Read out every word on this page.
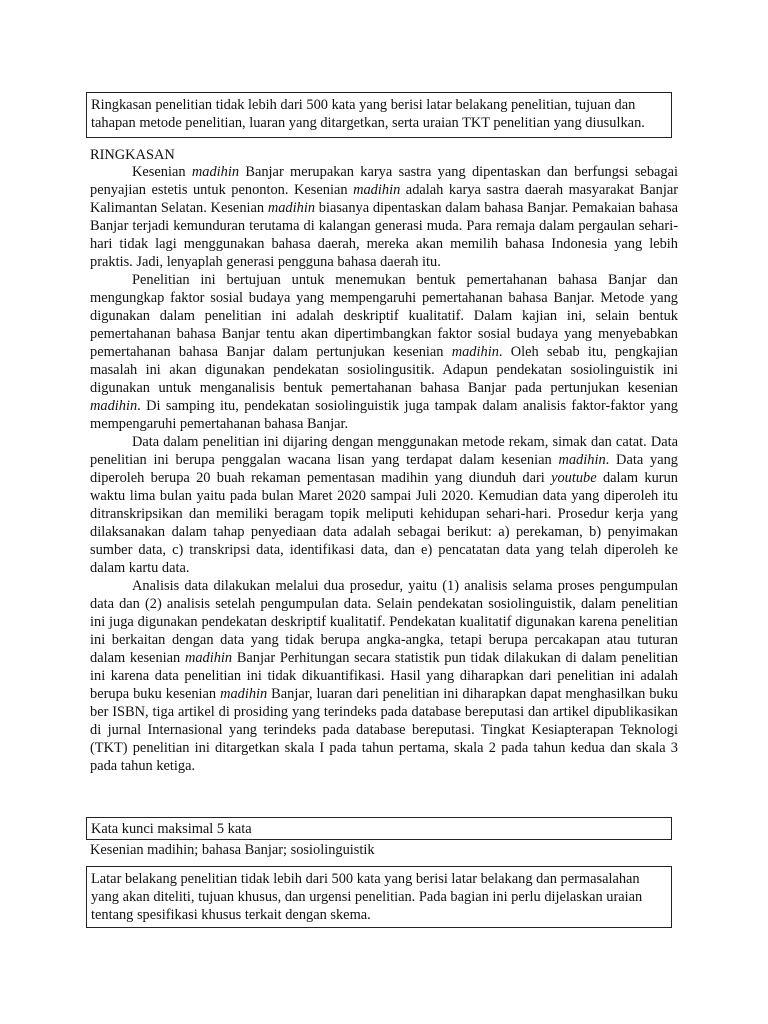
Ringkasan penelitian tidak lebih dari 500 kata yang berisi latar belakang penelitian, tujuan dan tahapan metode penelitian, luaran yang ditargetkan, serta uraian TKT penelitian yang diusulkan.

RINGKASAN

Kesenian madihin Banjar merupakan karya sastra yang dipentaskan dan berfungsi sebagai penyajian estetis untuk penonton. Kesenian madihin adalah karya sastra daerah masyarakat Banjar Kalimantan Selatan. Kesenian madihin biasanya dipentaskan dalam bahasa Banjar. Pemakaian bahasa Banjar terjadi kemunduran terutama di kalangan generasi muda. Para remaja dalam pergaulan sehari-hari tidak lagi menggunakan bahasa daerah, mereka akan memilih bahasa Indonesia yang lebih praktis. Jadi, lenyaplah generasi pengguna bahasa daerah itu.

Penelitian ini bertujuan untuk menemukan bentuk pemertahanan bahasa Banjar dan mengungkap faktor sosial budaya yang mempengaruhi pemertahanan bahasa Banjar. Metode yang digunakan dalam penelitian ini adalah deskriptif kualitatif. Dalam kajian ini, selain bentuk pemertahanan bahasa Banjar tentu akan dipertimbangkan faktor sosial budaya yang menyebabkan pemertahanan bahasa Banjar dalam pertunjukan kesenian madihin. Oleh sebab itu, pengkajian masalah ini akan digunakan pendekatan sosiolingusitik. Adapun pendekatan sosiolinguistik ini digunakan untuk menganalisis bentuk pemertahanan bahasa Banjar pada pertunjukan kesenian madihin. Di samping itu, pendekatan sosiolinguistik juga tampak dalam analisis faktor-faktor yang mempengaruhi pemertahanan bahasa Banjar.

Data dalam penelitian ini dijaring dengan menggunakan metode rekam, simak dan catat. Data penelitian ini berupa penggalan wacana lisan yang terdapat dalam kesenian madihin. Data yang diperoleh berupa 20 buah rekaman pementasan madihin yang diunduh dari youtube dalam kurun waktu lima bulan yaitu pada bulan Maret 2020 sampai Juli 2020. Kemudian data yang diperoleh itu ditranskripsikan dan memiliki beragam topik meliputi kehidupan sehari-hari. Prosedur kerja yang dilaksanakan dalam tahap penyediaan data adalah sebagai berikut: a) perekaman, b) penyimakan sumber data, c) transkripsi data, identifikasi data, dan e) pencatatan data yang telah diperoleh ke dalam kartu data.

Analisis data dilakukan melalui dua prosedur, yaitu (1) analisis selama proses pengumpulan data dan (2) analisis setelah pengumpulan data. Selain pendekatan sosiolinguistik, dalam penelitian ini juga digunakan pendekatan deskriptif kualitatif. Pendekatan kualitatif digunakan karena penelitian ini berkaitan dengan data yang tidak berupa angka-angka, tetapi berupa percakapan atau tuturan dalam kesenian madihin Banjar Perhitungan secara statistik pun tidak dilakukan di dalam penelitian ini karena data penelitian ini tidak dikuantifikasi. Hasil yang diharapkan dari penelitian ini adalah berupa buku kesenian madihin Banjar, luaran dari penelitian ini diharapkan dapat menghasilkan buku ber ISBN, tiga artikel di prosiding yang terindeks pada database bereputasi dan artikel dipublikasikan di jurnal Internasional yang terindeks pada database bereputasi. Tingkat Kesiapterapan Teknologi (TKT) penelitian ini ditargetkan skala I pada tahun pertama, skala 2 pada tahun kedua dan skala 3 pada tahun ketiga.

Kata kunci maksimal 5 kata

Kesenian madihin; bahasa Banjar; sosiolinguistik

Latar belakang penelitian tidak lebih dari 500 kata yang berisi latar belakang dan permasalahan yang akan diteliti, tujuan khusus, dan urgensi penelitian. Pada bagian ini perlu dijelaskan uraian tentang spesifikasi khusus terkait dengan skema.
